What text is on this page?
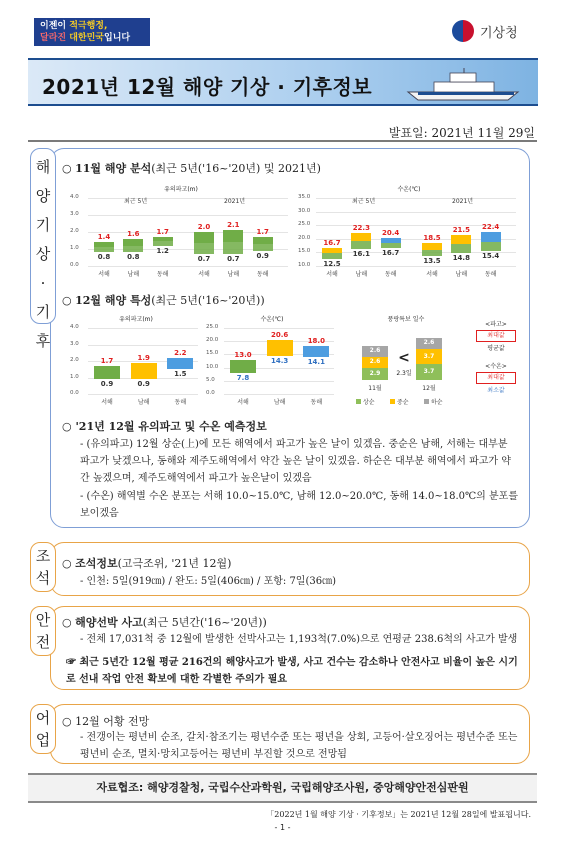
이젠이 적극행정,
달라진 대한민국입니다	기상청
2021년 12월 해양 기상 · 기후정보
발표일: 2021년 11월 29일
해
양
기
상
·
기
후
○ 11월 해양 분석(최근 5년('16~'20년) 및 2021년)
유의파고(m)
0.0
1.0
2.0
3.0
4.0
최근 5년
1.4
0.8
서해
1.6
0.8
남해
1.7
1.2
동해
2021년
2.0
0.7
서해
2.1
0.7
남해
1.7
0.9
동해
수온(℃)
10.0
15.0
20.0
25.0
30.0
35.0
최근 5년
16.7
12.5
서해
22.3
16.1
남해
20.4
16.7
동해
2021년
18.5
13.5
서해
21.5
14.8
남해
22.4
15.4
동해
○ 12월 해양 특성(최근 5년('16~'20년))
유의파고(m)
0.0
1.0
2.0
3.0
4.0
1.7
0.9
서해
1.9
0.9
남해
2.2
1.5
동해
수온(℃)
0.0
5.0
10.0
15.0
20.0
25.0
13.0
7.8
서해
20.6
14.3
남해
18.0
14.1
동해
풍랑특보 일수
2.9
2.6
2.6
11월
3.7
3.7
2.6
12월
<
2.3일
상순	중순	하순
<파고>
최대값
평균값
<수온>
최대값
최소값
○ '21년 12월 유의파고 및 수온 예측정보
- (유의파고) 12월 상순(上)에 모든 해역에서 파고가 높은 날이 있겠음. 중순은 남해, 서해는 대부분 파고가 낮겠으나, 동해와 제주도해역에서 약간 높은 날이 있겠음. 하순은 대부분 해역에서 파고가 약간 높겠으며, 제주도해역에서 파고가 높은날이 있겠음
- (수온) 해역별 수온 분포는 서해 10.0~15.0℃, 남해 12.0~20.0℃, 동해 14.0~18.0℃의 분포를 보이겠음
조
석
○ 조석정보(고극조위, '21년 12월)
- 인천: 5일(919㎝) / 완도: 5일(406㎝) / 포항: 7일(36㎝)
안
전
○ 해양선박 사고(최근 5년간('16~'20년))
- 전체 17,031척 중 12월에 발생한 선박사고는 1,193척(7.0%)으로 연평균 238.6척의 사고가 발생
☞ 최근 5년간 12월 평균 216건의 해양사고가 발생, 사고 건수는 감소하나 안전사고 비율이 높은 시기로 선내 작업 안전 확보에 대한 각별한 주의가 필요
어
업
○ 12월 어황 전망
- 전갱이는 평년비 순조, 갈치·참조기는 평년수준 또는 평년을 상회, 고등어·살오징어는 평년수준 또는 평년비 순조, 멸치·망치고등어는 평년비 부진할 것으로 전망됨
자료협조: 해양경찰청, 국립수산과학원, 국립해양조사원, 중앙해양안전심판원
「2022년 1월 해양 기상 · 기후정보」는 2021년 12월 28일에 발표됩니다.
- 1 -
